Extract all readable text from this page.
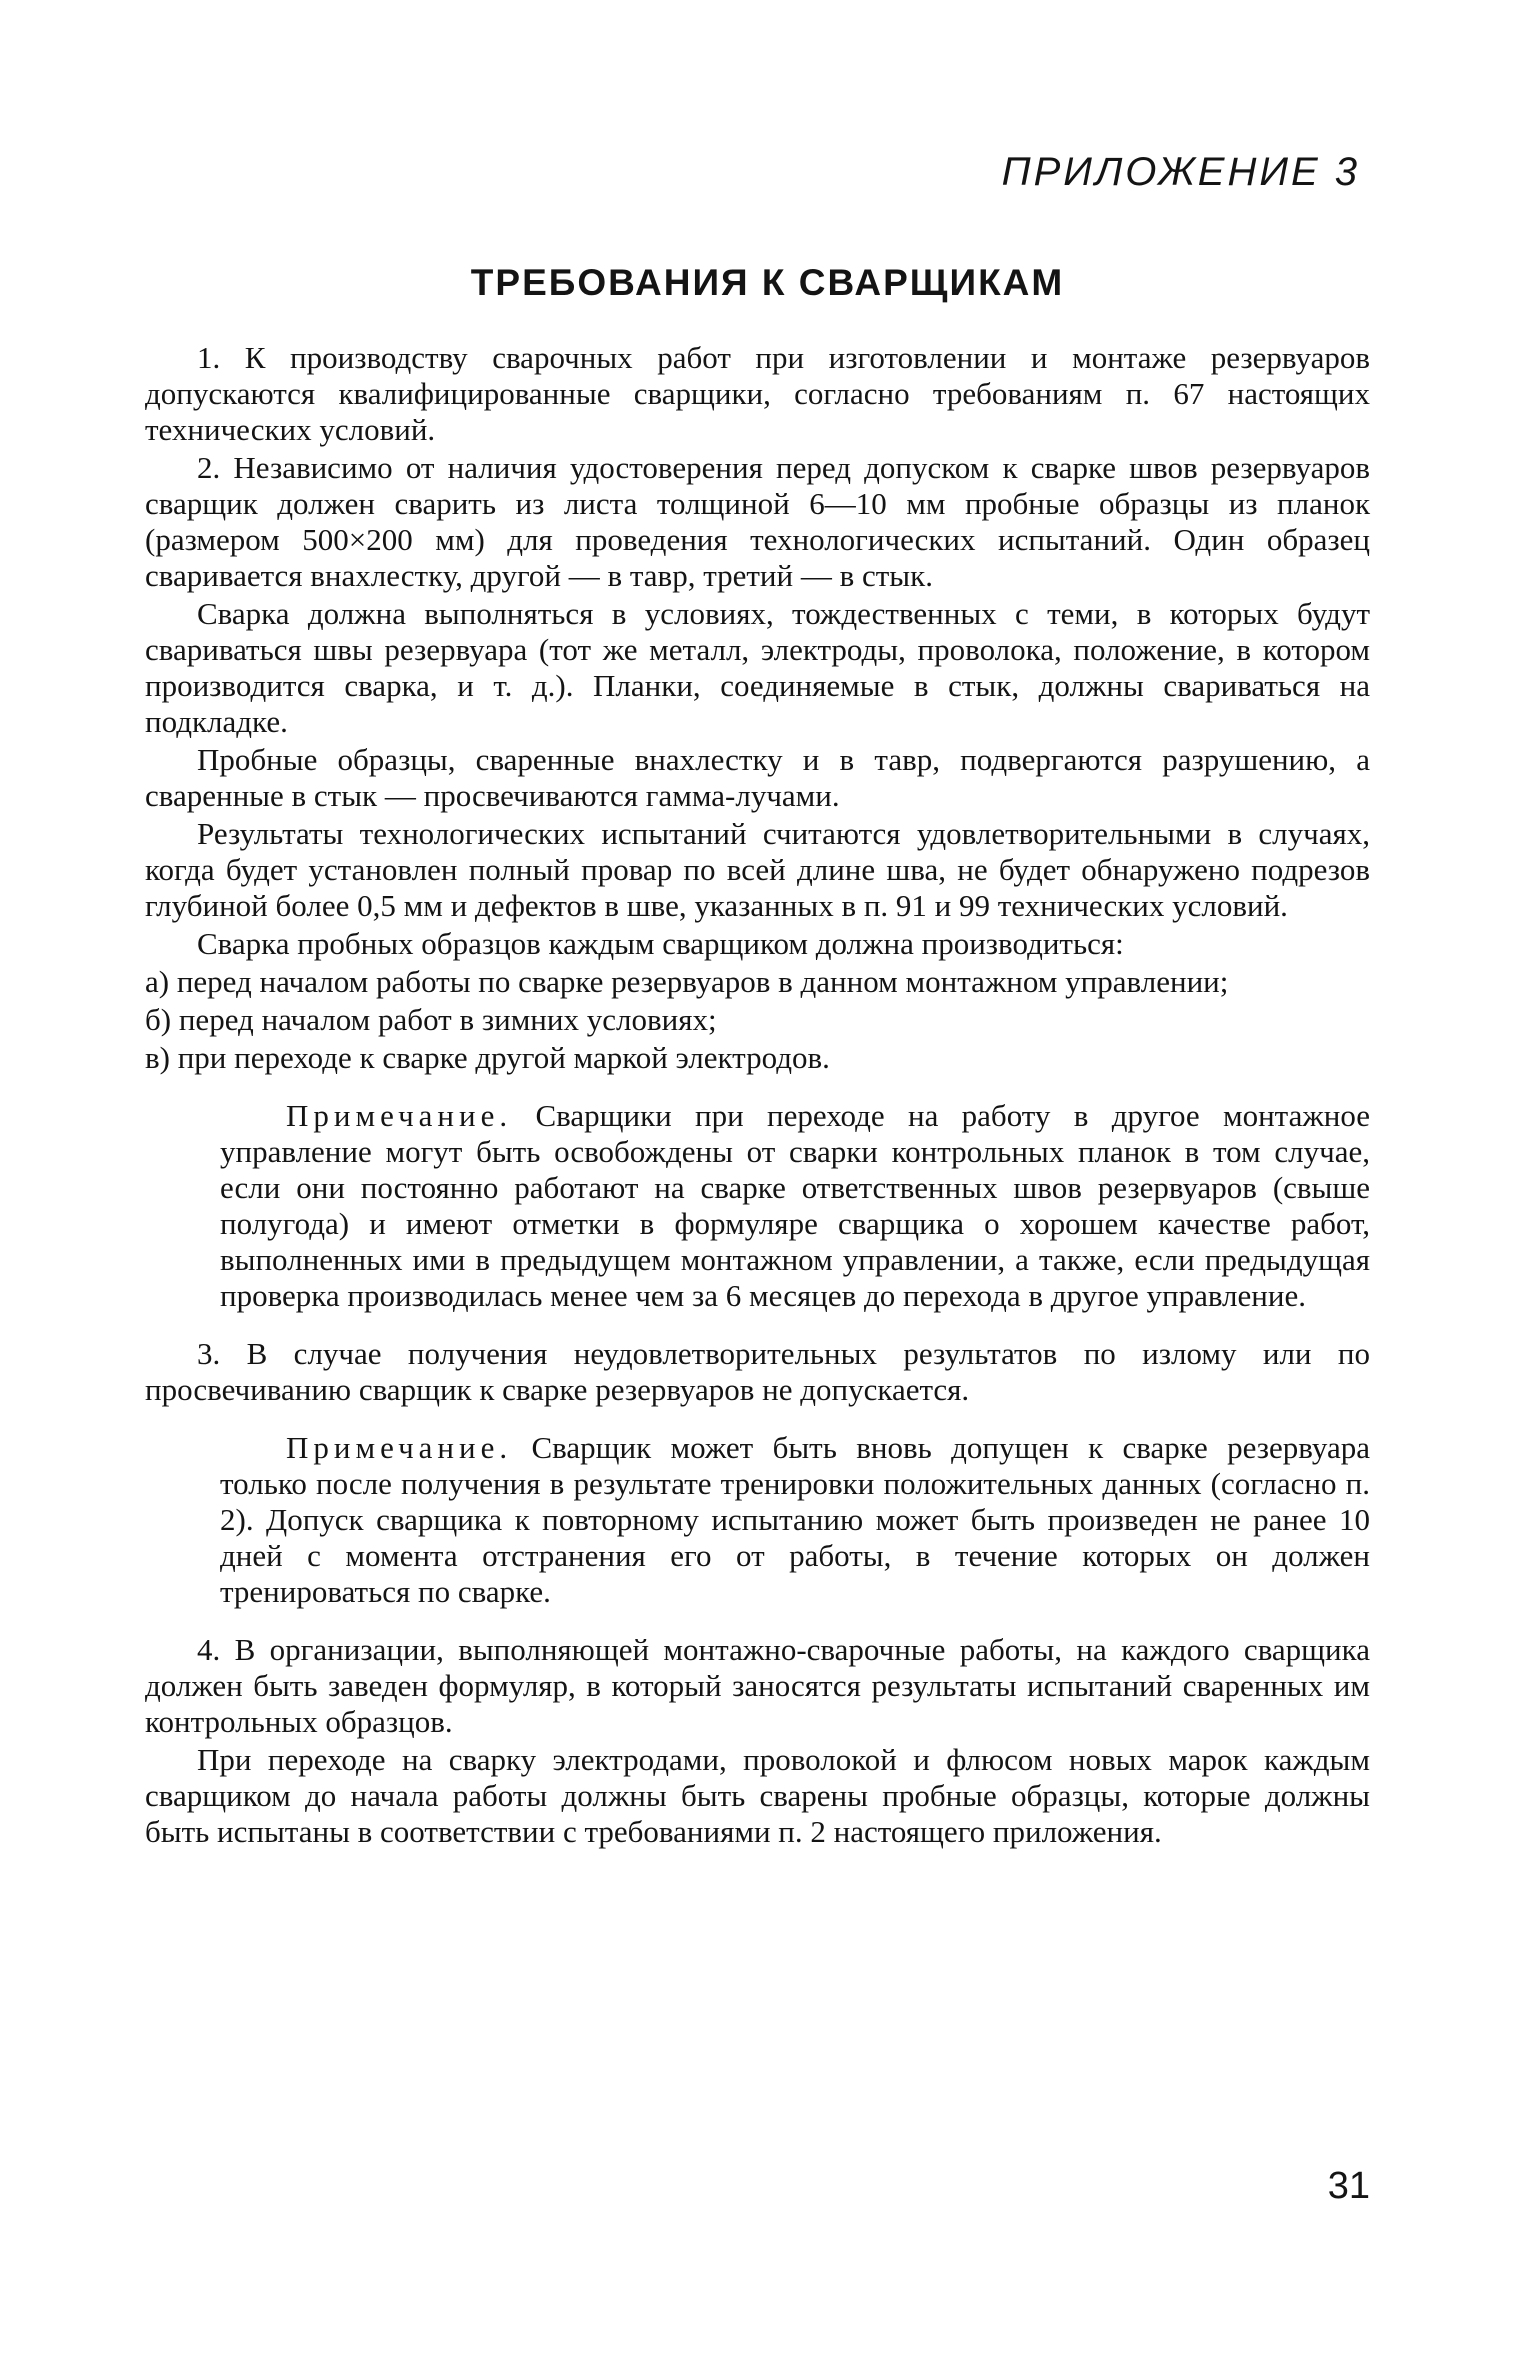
ПРИЛОЖЕНИЕ 3
ТРЕБОВАНИЯ К СВАРЩИКАМ

1. К производству сварочных работ при изготовлении и монтаже резервуаров допускаются квалифицированные сварщики, согласно требованиям п. 67 настоящих технических условий.

2. Независимо от наличия удостоверения перед допуском к сварке швов резервуаров сварщик должен сварить из листа толщиной 6—10 мм пробные образцы из планок (размером 500×200 мм) для проведения технологических испытаний. Один образец сваривается внахлестку, другой — в тавр, третий — в стык.

Сварка должна выполняться в условиях, тождественных с теми, в которых будут свариваться швы резервуара (тот же металл, электроды, проволока, положение, в котором производится сварка, и т. д.). Планки, соединяемые в стык, должны свариваться на подкладке.

Пробные образцы, сваренные внахлестку и в тавр, подвергаются разрушению, а сваренные в стык — просвечиваются гамма-лучами.

Результаты технологических испытаний считаются удовлетворительными в случаях, когда будет установлен полный провар по всей длине шва, не будет обнаружено подрезов глубиной более 0,5 мм и дефектов в шве, указанных в п. 91 и 99 технических условий.

Сварка пробных образцов каждым сварщиком должна производиться:

а) перед началом работы по сварке резервуаров в данном монтажном управлении;

б) перед началом работ в зимних условиях;

в) при переходе к сварке другой маркой электродов.

Примечание. Сварщики при переходе на работу в другое монтажное управление могут быть освобождены от сварки контрольных планок в том случае, если они постоянно работают на сварке ответственных швов резервуаров (свыше полугода) и имеют отметки в формуляре сварщика о хорошем качестве работ, выполненных ими в предыдущем монтажном управлении, а также, если предыдущая проверка производилась менее чем за 6 месяцев до перехода в другое управление.

3. В случае получения неудовлетворительных результатов по излому или по просвечиванию сварщик к сварке резервуаров не допускается.

Примечание. Сварщик может быть вновь допущен к сварке резервуара только после получения в результате тренировки положительных данных (согласно п. 2). Допуск сварщика к повторному испытанию может быть произведен не ранее 10 дней с момента отстранения его от работы, в течение которых он должен тренироваться по сварке.

4. В организации, выполняющей монтажно-сварочные работы, на каждого сварщика должен быть заведен формуляр, в который заносятся результаты испытаний сваренных им контрольных образцов.

При переходе на сварку электродами, проволокой и флюсом новых марок каждым сварщиком до начала работы должны быть сварены пробные образцы, которые должны быть испытаны в соответствии с требованиями п. 2 настоящего приложения.

31
